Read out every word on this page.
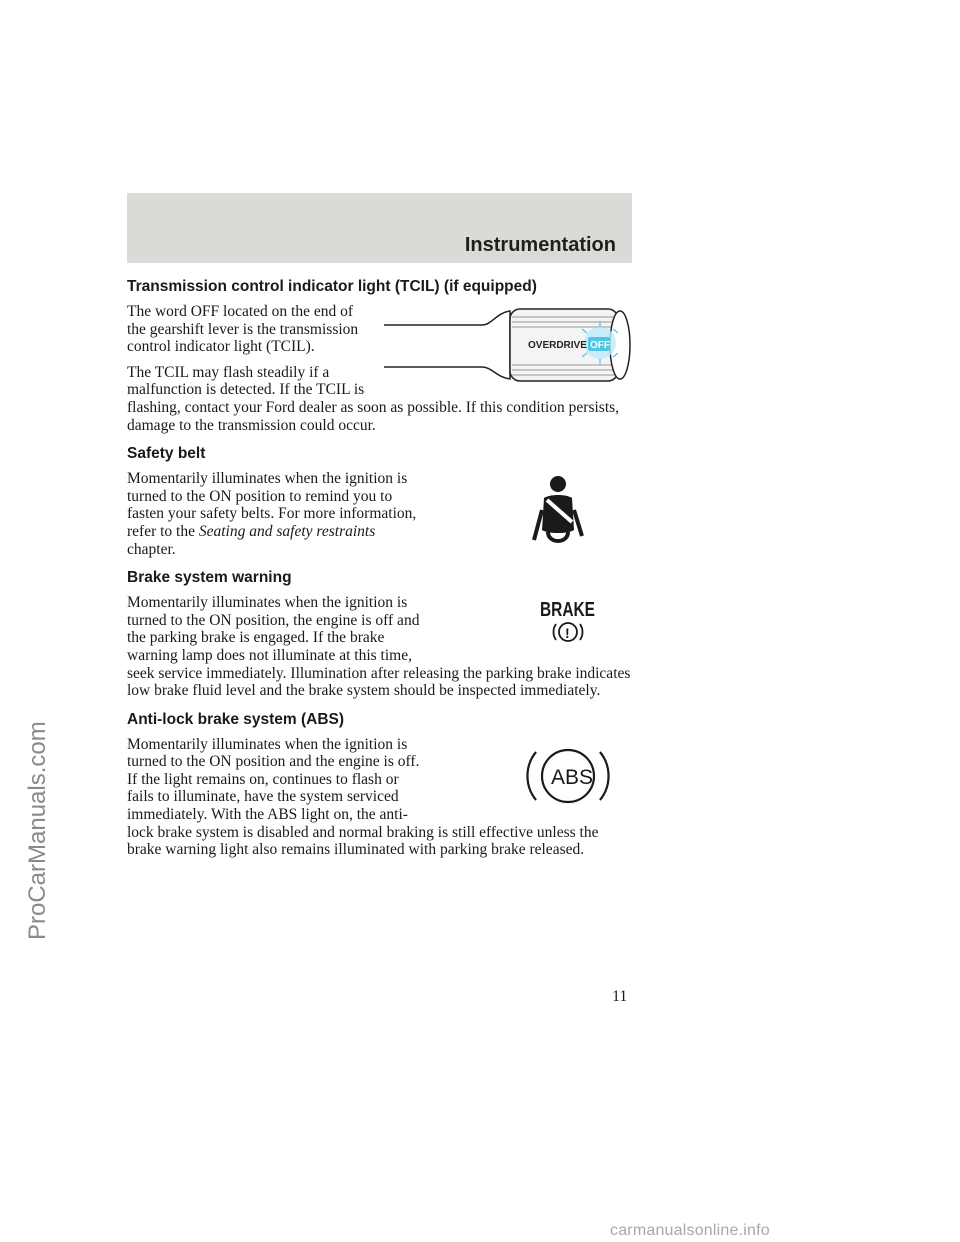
Instrumentation
Transmission control indicator light (TCIL) (if equipped)
OVERDRIVE OFF

The word OFF located on the end of the gearshift lever is the transmission control indicator light (TCIL).

The TCIL may flash steadily if a malfunction is detected. If the TCIL is flashing, contact your Ford dealer as soon as possible. If this condition persists, damage to the transmission could occur.

Safety belt

Momentarily illuminates when the ignition is turned to the ON position to remind you to fasten your safety belts. For more information, refer to the Seating and safety restraints chapter.

Brake system warning
BRAKE
!

Momentarily illuminates when the ignition is turned to the ON position, the engine is off and the parking brake is engaged. If the brake warning lamp does not illuminate at this time, seek service immediately. Illumination after releasing the parking brake indicates low brake fluid level and the brake system should be inspected immediately.

Anti-lock brake system (ABS)
ABS

Momentarily illuminates when the ignition is turned to the ON position and the engine is off. If the light remains on, continues to flash or fails to illuminate, have the system serviced immediately. With the ABS light on, the anti-lock brake system is disabled and normal braking is still effective unless the brake warning light also remains illuminated with parking brake released.

11
ProCarManuals.com
carmanualsonline.info
